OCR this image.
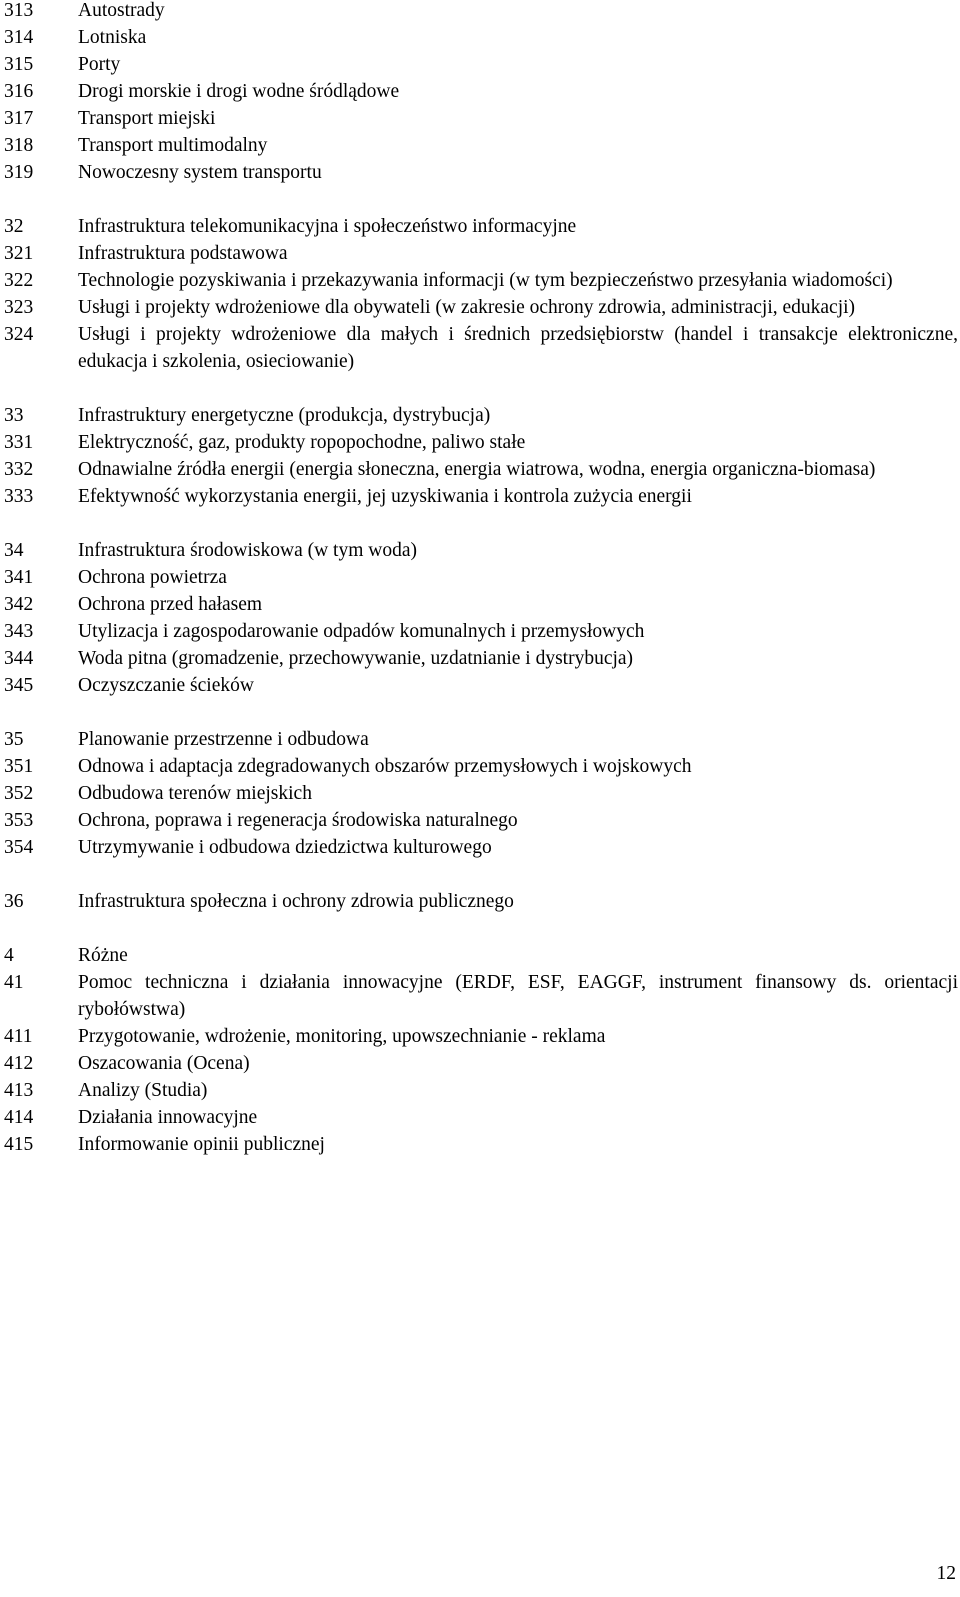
313	Autostrady
314	Lotniska
315	Porty
316	Drogi morskie i drogi wodne śródlądowe
317	Transport miejski
318	Transport multimodalny
319	Nowoczesny system transportu
32	Infrastruktura telekomunikacyjna i społeczeństwo informacyjne
321	Infrastruktura podstawowa
322	Technologie pozyskiwania i przekazywania informacji (w tym bezpieczeństwo przesyłania wiadomości)
323	Usługi i projekty wdrożeniowe dla obywateli (w zakresie ochrony zdrowia, administracji, edukacji)
324	Usługi i projekty wdrożeniowe dla małych i średnich przedsiębiorstw (handel i transakcje elektroniczne, edukacja i szkolenia, osieciowanie)
33	Infrastruktury energetyczne (produkcja, dystrybucja)
331	Elektryczność, gaz, produkty ropopochodne, paliwo stałe
332	Odnawialne źródła energii (energia słoneczna, energia wiatrowa, wodna, energia organiczna-biomasa)
333	Efektywność wykorzystania energii, jej uzyskiwania i kontrola zużycia energii
34	Infrastruktura środowiskowa (w tym woda)
341	Ochrona powietrza
342	Ochrona przed hałasem
343	Utylizacja i zagospodarowanie odpadów komunalnych i przemysłowych
344	Woda pitna (gromadzenie, przechowywanie, uzdatnianie i dystrybucja)
345	Oczyszczanie ścieków
35	Planowanie przestrzenne i odbudowa
351	Odnowa i adaptacja zdegradowanych obszarów przemysłowych i wojskowych
352	Odbudowa terenów miejskich
353	Ochrona, poprawa i regeneracja środowiska naturalnego
354	Utrzymywanie i odbudowa dziedzictwa kulturowego
36	Infrastruktura społeczna i ochrony zdrowia publicznego
4	Różne
41	Pomoc techniczna i działania innowacyjne (ERDF, ESF, EAGGF, instrument finansowy ds. orientacji rybołówstwa)
411	Przygotowanie, wdrożenie, monitoring, upowszechnianie - reklama
412	Oszacowania (Ocena)
413	Analizy (Studia)
414	Działania innowacyjne
415	Informowanie opinii publicznej
12
